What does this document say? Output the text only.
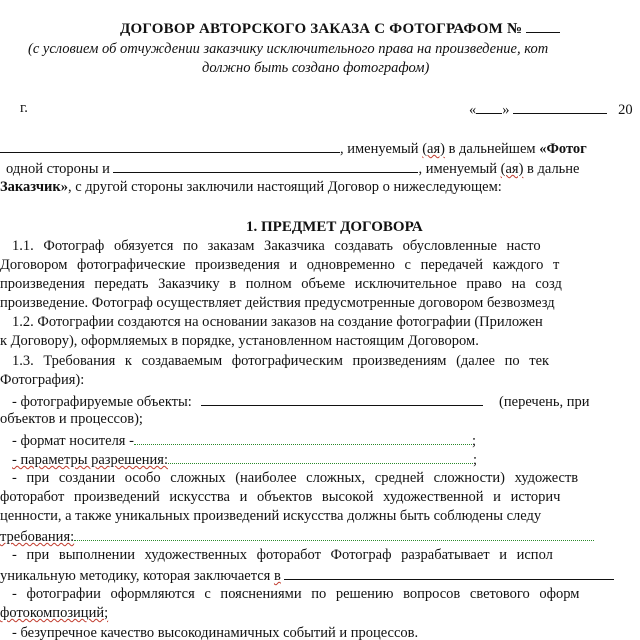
ДОГОВОР АВТОРСКОГО ЗАКАЗА С ФОТОГРАФОМ №
(с условием об отчуждении заказчику исключительного права на произведение, кот
должно быть создано фотографом)
г.	« »	20
, именуемый (ая) в дальнейшем «Фотог
одной стороны и	, именуемый (ая) в дальне
Заказчик», с другой стороны заключили настоящий Договор о нижеследующем:
1. ПРЕДМЕТ ДОГОВОРА
1.1. Фотограф обязуется по заказам Заказчика создавать обусловленные насто
Договором фотографические произведения и одновременно с передачей каждого т
произведения передать Заказчику в полном объеме исключительное право на созд
произведение. Фотограф осуществляет действия предусмотренные договором безвозмезд
1.2. Фотографии создаются на основании заказов на создание фотографии (Приложен
к Договору), оформляемых в порядке, установленном настоящим Договором.
1.3. Требования к создаваемым фотографическим произведениям (далее по тек
Фотография):
- фотографируемые объекты:	(перечень, при
объектов и процессов);
- формат носителя -	;
- параметры разрешения:	;
- при создании особо сложных (наиболее сложных, средней сложности) художеств
фоторабот произведений искусства и объектов высокой художественной и историч
ценности, а также уникальных произведений искусства должны быть соблюдены следу
требования:
- при выполнении художественных фоторабот Фотограф разрабатывает и испол
уникальную методику, которая заключается в
- фотографии оформляются с пояснениями по решению вопросов светового оформ
фотокомпозиций;
- безупречное качество высокодинамичных событий и процессов.
